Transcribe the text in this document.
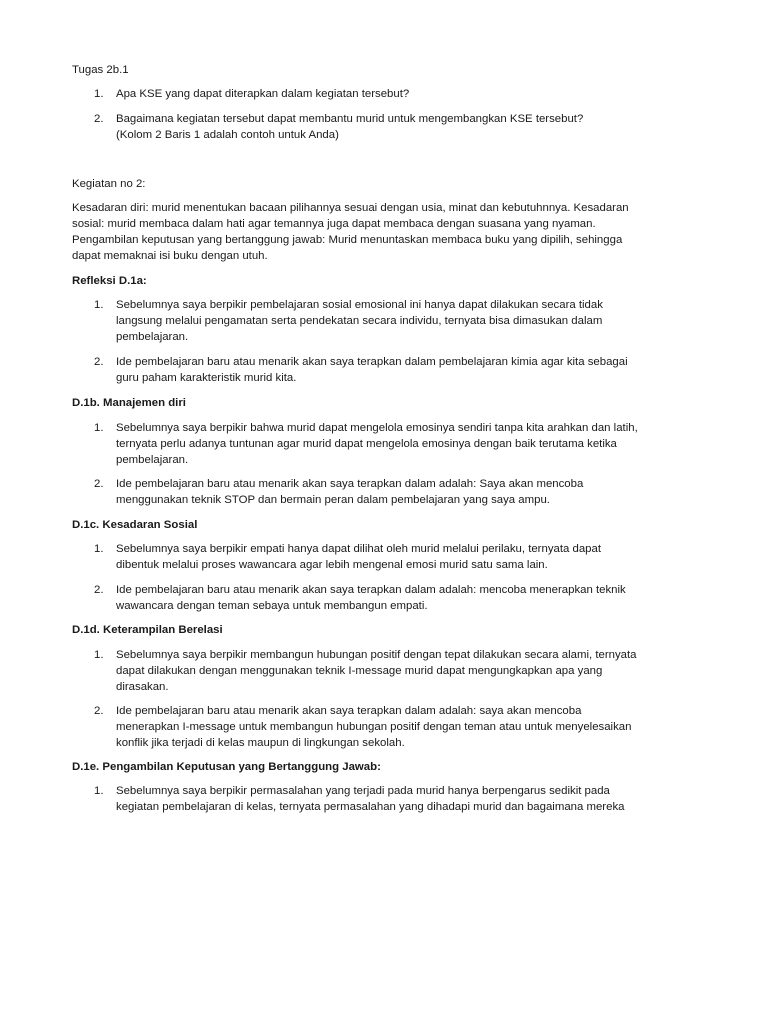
Tugas 2b.1
1. Apa KSE yang dapat diterapkan dalam kegiatan tersebut?
2. Bagaimana kegiatan tersebut dapat membantu murid untuk mengembangkan KSE tersebut?
(Kolom 2 Baris 1 adalah contoh untuk Anda)
Kegiatan no 2:
Kesadaran diri: murid menentukan bacaan pilihannya sesuai dengan usia, minat dan kebutuhnnya. Kesadaran
sosial: murid membaca dalam hati agar temannya juga dapat membaca dengan suasana yang nyaman.
Pengambilan keputusan yang bertanggung jawab: Murid menuntaskan membaca buku yang dipilih, sehingga
dapat memaknai isi buku dengan utuh.
Refleksi D.1a:
1. Sebelumnya saya berpikir pembelajaran sosial emosional ini hanya dapat dilakukan secara tidak
langsung melalui pengamatan serta pendekatan secara individu, ternyata bisa dimasukan dalam
pembelajaran.
2. Ide pembelajaran baru atau menarik akan saya terapkan dalam pembelajaran kimia agar kita sebagai
guru paham karakteristik murid kita.
D.1b. Manajemen diri
1. Sebelumnya saya berpikir bahwa murid dapat mengelola emosinya sendiri tanpa kita arahkan dan latih,
ternyata perlu adanya tuntunan agar murid dapat mengelola emosinya dengan baik terutama ketika
pembelajaran.
2. Ide pembelajaran baru atau menarik akan saya terapkan dalam adalah: Saya akan mencoba
menggunakan teknik STOP dan bermain peran dalam pembelajaran yang saya ampu.
D.1c. Kesadaran Sosial
1. Sebelumnya saya berpikir empati hanya dapat dilihat oleh murid melalui perilaku, ternyata dapat
dibentuk melalui proses wawancara agar lebih mengenal emosi murid satu sama lain.
2. Ide pembelajaran baru atau menarik akan saya terapkan dalam adalah: mencoba menerapkan teknik
wawancara dengan teman sebaya untuk membangun empati.
D.1d. Keterampilan Berelasi
1. Sebelumnya saya berpikir membangun hubungan positif dengan tepat dilakukan secara alami, ternyata
dapat dilakukan dengan menggunakan teknik I-message murid dapat mengungkapkan apa yang
dirasakan.
2. Ide pembelajaran baru atau menarik akan saya terapkan dalam adalah: saya akan mencoba
menerapkan I-message untuk membangun hubungan positif dengan teman atau untuk menyelesaikan
konflik jika terjadi di kelas maupun di lingkungan sekolah.
D.1e. Pengambilan Keputusan yang Bertanggung Jawab:
1. Sebelumnya saya berpikir permasalahan yang terjadi pada murid hanya berpengarus sedikit pada
kegiatan pembelajaran di kelas, ternyata permasalahan yang dihadapi murid dan bagaimana mereka
